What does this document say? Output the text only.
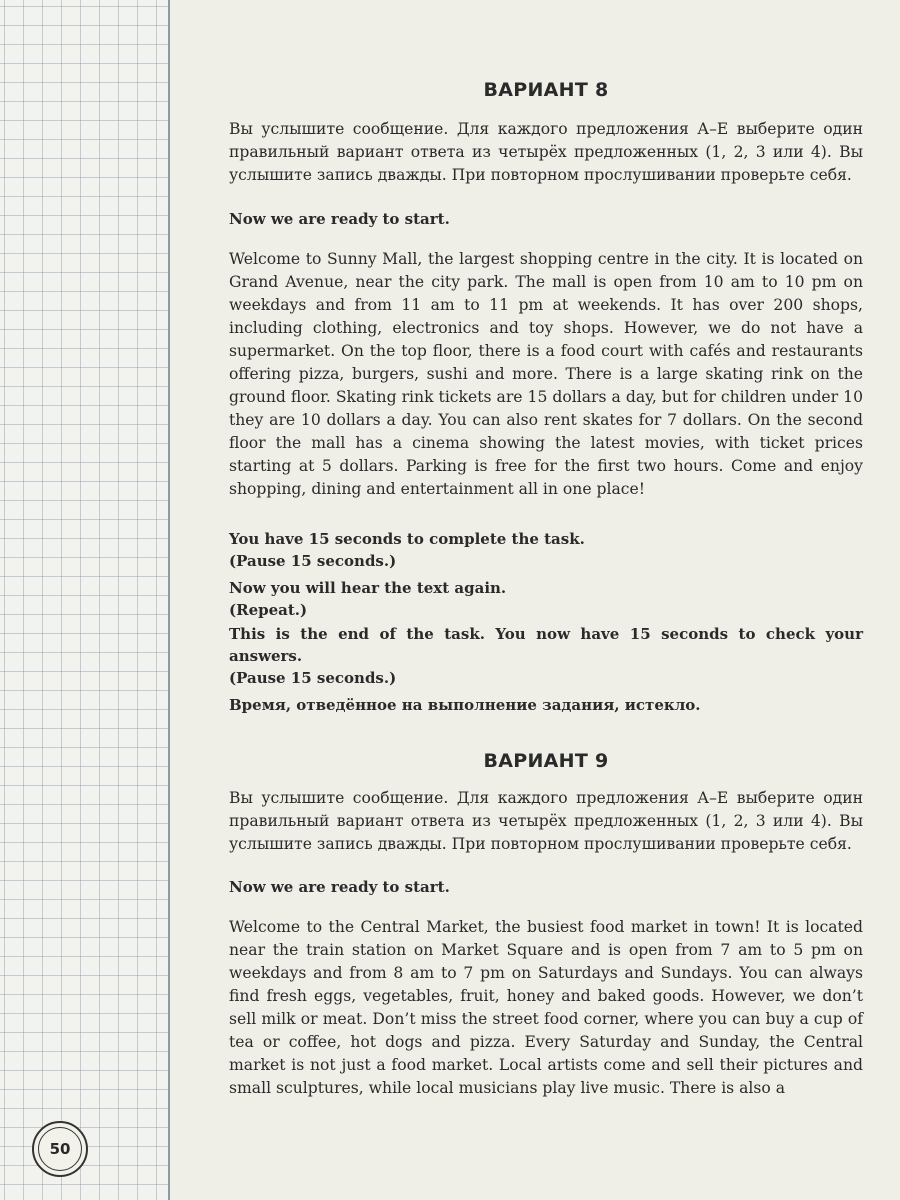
ВАРИАНТ 8
Вы услышите сообщение. Для каждого предложения А–Е выберите один правильный вариант ответа из четырёх предложенных (1, 2, 3 или 4). Вы услышите запись дважды. При повторном прослушивании проверьте себя.
Now we are ready to start.
Welcome to Sunny Mall, the largest shopping centre in the city. It is located on Grand Avenue, near the city park. The mall is open from 10 am to 10 pm on weekdays and from 11 am to 11 pm at weekends. It has over 200 shops, including clothing, electronics and toy shops. However, we do not have a supermarket. On the top floor, there is a food court with cafés and restaurants offering pizza, burgers, sushi and more. There is a large skating rink on the ground floor. Skating rink tickets are 15 dollars a day, but for children under 10 they are 10 dollars a day. You can also rent skates for 7 dollars. On the second floor the mall has a cinema showing the latest movies, with ticket prices starting at 5 dollars. Parking is free for the first two hours. Come and enjoy shopping, dining and entertainment all in one place!
You have 15 seconds to complete the task.
(Pause 15 seconds.)
Now you will hear the text again.
(Repeat.)
This is the end of the task. You now have 15 seconds to check your answers.
(Pause 15 seconds.)
Время, отведённое на выполнение задания, истекло.
ВАРИАНТ 9
Вы услышите сообщение. Для каждого предложения А–Е выберите один правильный вариант ответа из четырёх предложенных (1, 2, 3 или 4). Вы услышите запись дважды. При повторном прослушивании проверьте себя.
Now we are ready to start.
Welcome to the Central Market, the busiest food market in town! It is located near the train station on Market Square and is open from 7 am to 5 pm on weekdays and from 8 am to 7 pm on Saturdays and Sundays. You can always find fresh eggs, vegetables, fruit, honey and baked goods. However, we don’t sell milk or meat. Don’t miss the street food corner, where you can buy a cup of tea or coffee, hot dogs and pizza. Every Saturday and Sunday, the Central market is not just a food market. Local artists come and sell their pictures and small sculptures, while local musicians play live music. There is also a
50
